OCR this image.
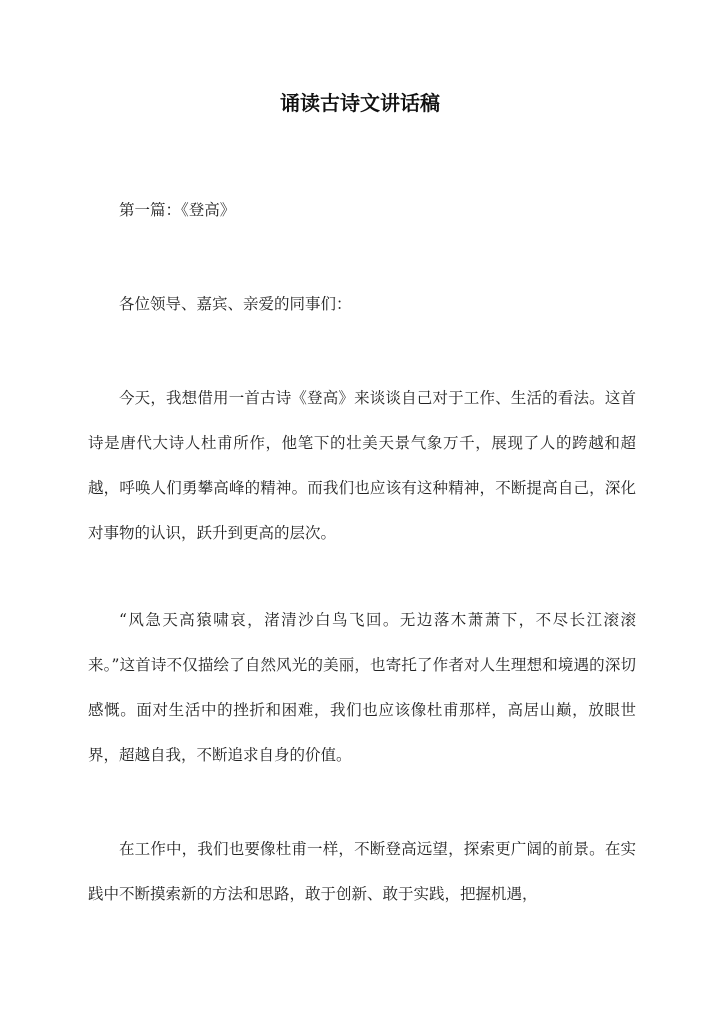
诵读古诗文讲话稿

第一篇：《登高》

各位领导、嘉宾、亲爱的同事们：

今天，我想借用一首古诗《登高》来谈谈自己对于工作、生活的看法。这首诗是唐代大诗人杜甫所作，他笔下的壮美天景气象万千，展现了人的跨越和超越，呼唤人们勇攀高峰的精神。而我们也应该有这种精神，不断提高自己，深化对事物的认识，跃升到更高的层次。

“风急天高猿啸哀，渚清沙白鸟飞回。无边落木萧萧下，不尽长江滚滚来。”这首诗不仅描绘了自然风光的美丽，也寄托了作者对人生理想和境遇的深切感慨。面对生活中的挫折和困难，我们也应该像杜甫那样，高居山巅，放眼世界，超越自我，不断追求自身的价值。

在工作中，我们也要像杜甫一样，不断登高远望，探索更广阔的前景。在实践中不断摸索新的方法和思路，敢于创新、敢于实践，把握机遇，
